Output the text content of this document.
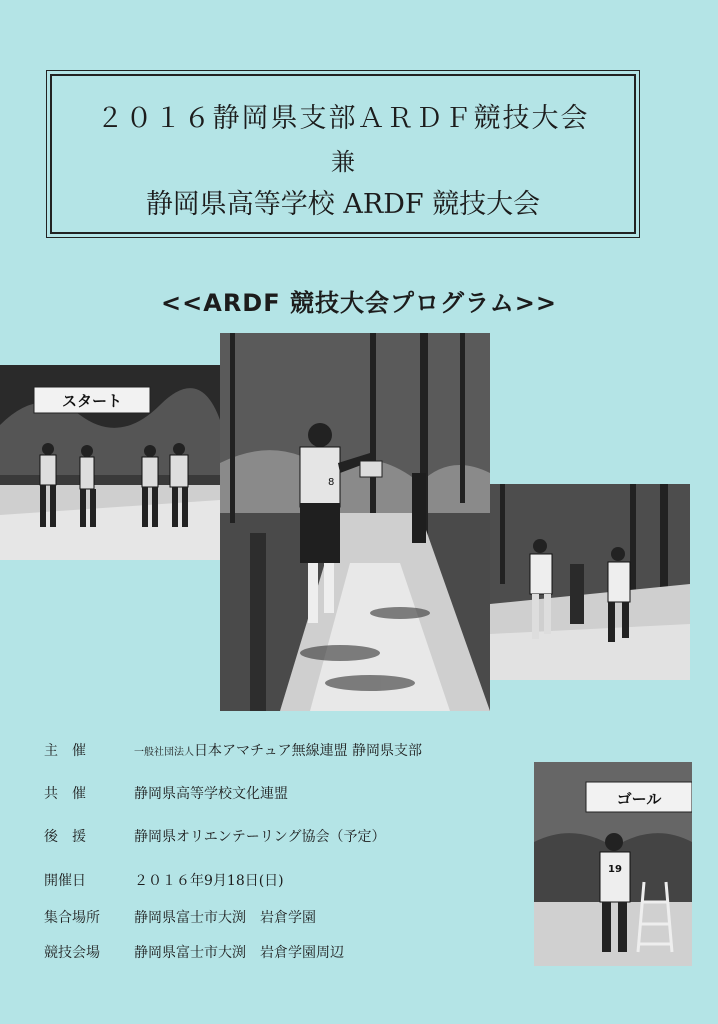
２０１６静岡県支部ＡＲＤＦ競技大会
兼
静岡県高等学校 ARDF 競技大会
<<ARDF 競技大会プログラム>>
スタート
8
ゴール
19
主　催	一般社団法人日本アマチュア無線連盟 静岡県支部
共　催	静岡県高等学校文化連盟
後　援	静岡県オリエンテーリング協会（予定）
開催日	２０１６年9月18日(日)
集合場所 静岡県富士市大渕　岩倉学園
競技会場 静岡県富士市大渕　岩倉学園周辺
